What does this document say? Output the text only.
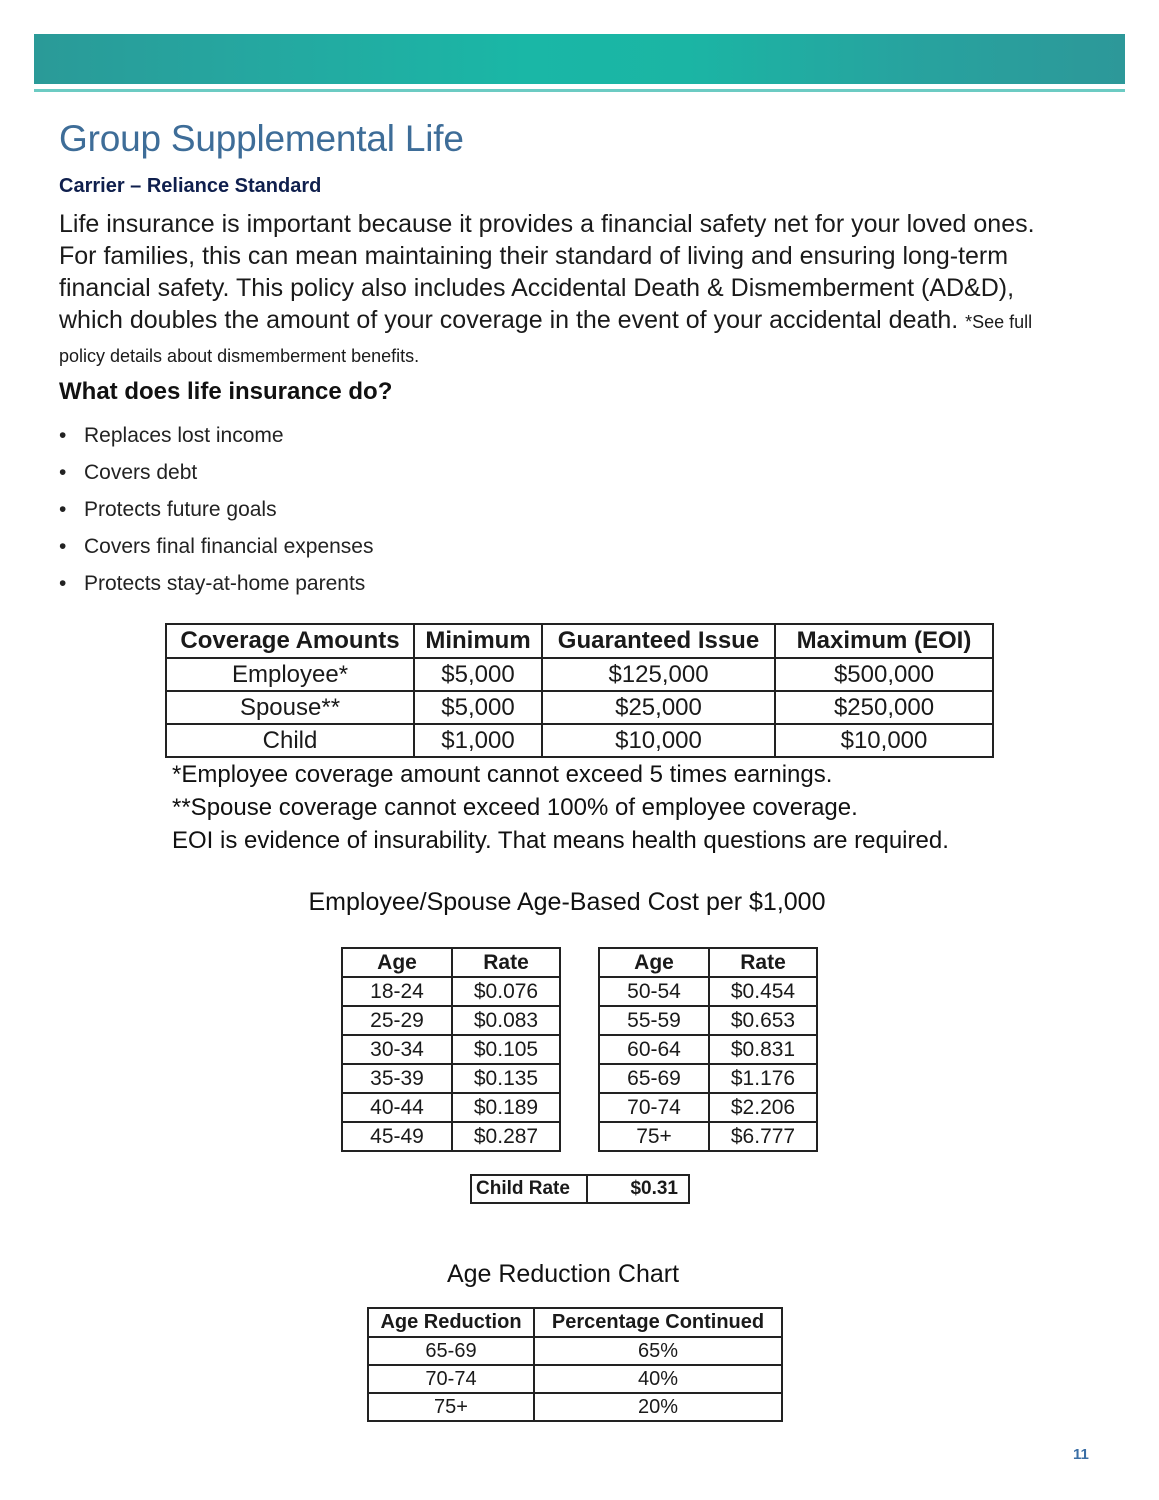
Group Supplemental Life
Carrier – Reliance Standard

Life insurance is important because it provides a financial safety net for your loved ones. For families, this can mean maintaining their standard of living and ensuring long-term financial safety. This policy also includes Accidental Death & Dismemberment (AD&D), which doubles the amount of your coverage in the event of your accidental death. *See full policy details about dismemberment benefits.

What does life insurance do?
• Replaces lost income
• Covers debt
• Protects future goals
• Covers final financial expenses
• Protects stay-at-home parents
Coverage Amounts	Minimum	Guaranteed Issue	Maximum (EOI)
Employee*	$5,000	$125,000	$500,000
Spouse**	$5,000	$25,000	$250,000
Child	$1,000	$10,000	$10,000
*Employee coverage amount cannot exceed 5 times earnings.
**Spouse coverage cannot exceed 100% of employee coverage.
EOI is evidence of insurability. That means health questions are required.
Employee/Spouse Age-Based Cost per $1,000
Age	Rate
18-24	$0.076
25-29	$0.083
30-34	$0.105
35-39	$0.135
40-44	$0.189
45-49	$0.287
Age	Rate
50-54	$0.454
55-59	$0.653
60-64	$0.831
65-69	$1.176
70-74	$2.206
75+	$6.777
Child Rate	$0.31
Age Reduction Chart
Age Reduction	Percentage Continued
65-69	65%
70-74	40%
75+	20%
11
